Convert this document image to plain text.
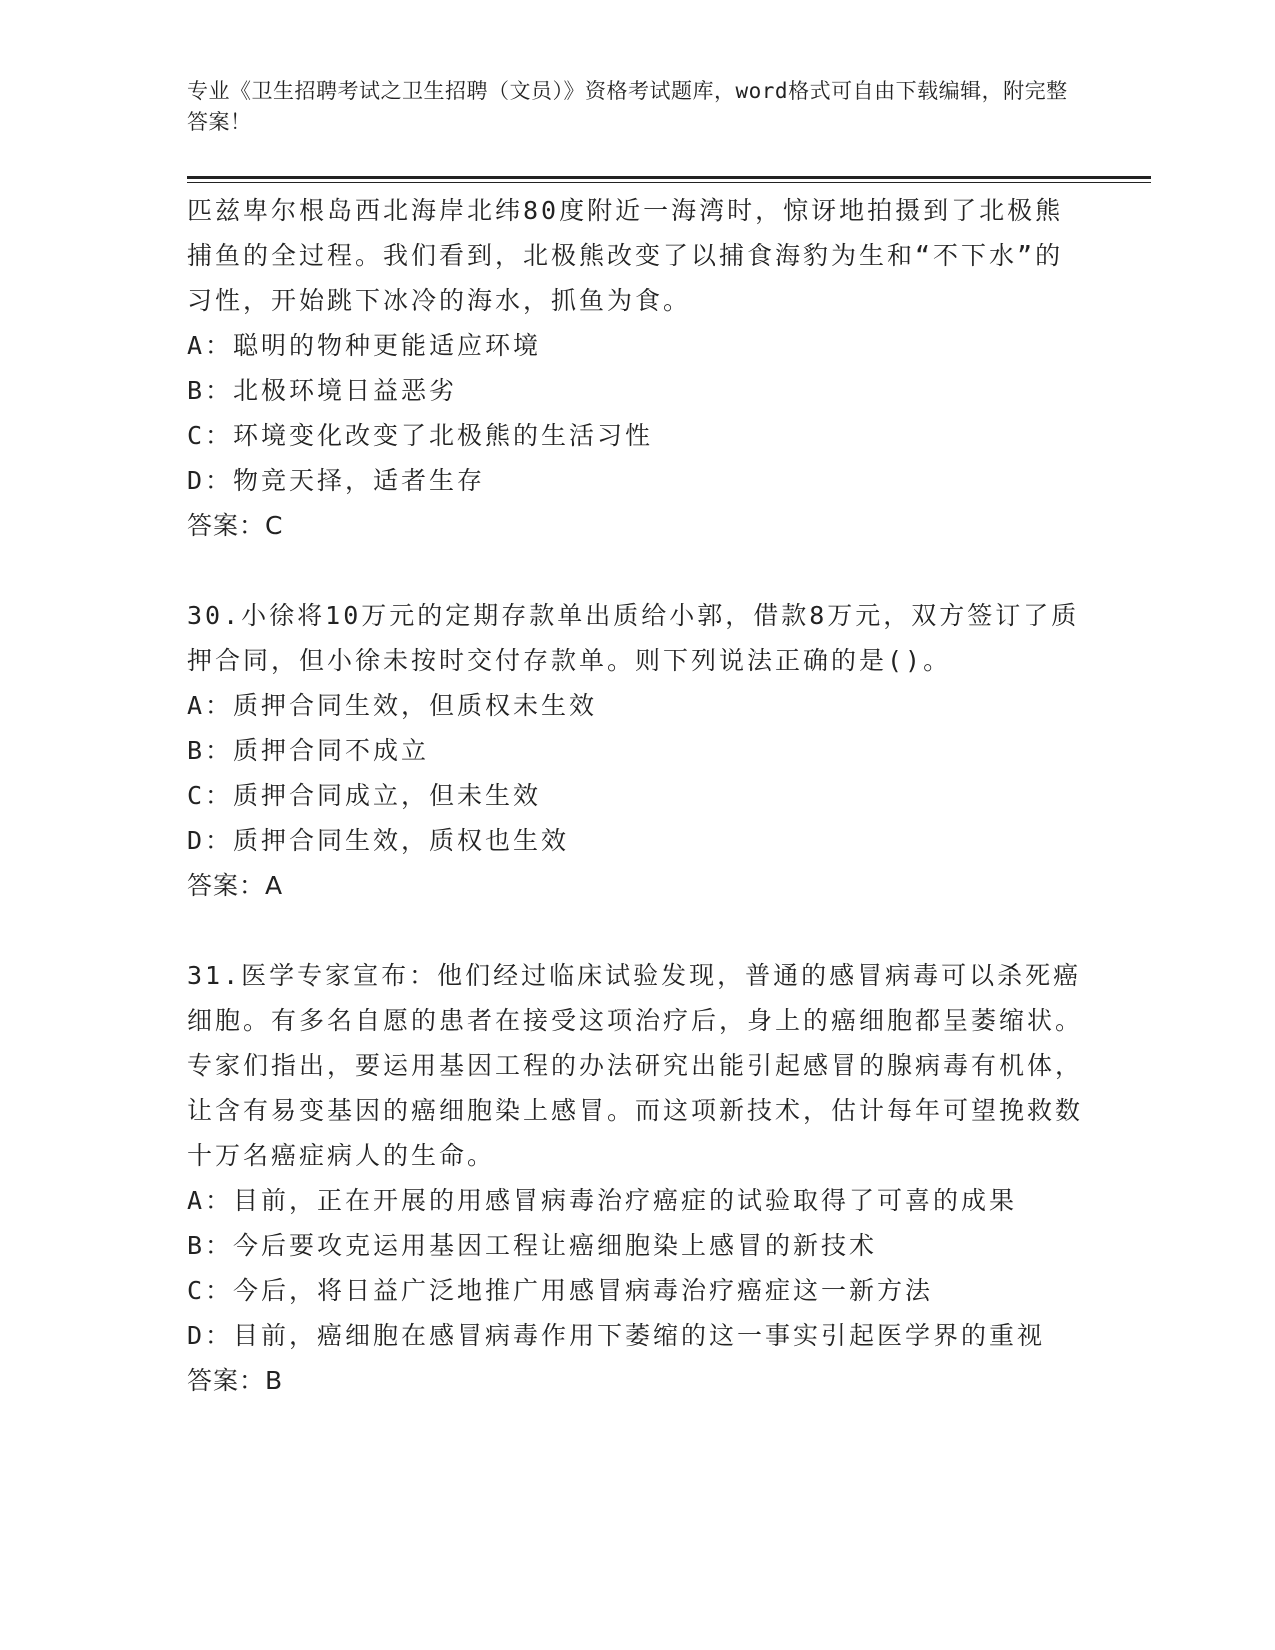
专业《卫生招聘考试之卫生招聘（文员）》资格考试题库，word格式可自由下载编辑，附完整答案！

匹兹卑尔根岛西北海岸北纬80度附近一海湾时，惊讶地拍摄到了北极熊捕鱼的全过程。我们看到，北极熊改变了以捕食海豹为生和“不下水”的习性，开始跳下冰冷的海水，抓鱼为食。

A：聪明的物种更能适应环境

B：北极环境日益恶劣

C：环境变化改变了北极熊的生活习性

D：物竞天择，适者生存

答案：C

30.小徐将10万元的定期存款单出质给小郭，借款8万元，双方签订了质押合同，但小徐未按时交付存款单。则下列说法正确的是()。

A：质押合同生效，但质权未生效

B：质押合同不成立

C：质押合同成立，但未生效

D：质押合同生效，质权也生效

答案：A

31.医学专家宣布：他们经过临床试验发现，普通的感冒病毒可以杀死癌细胞。有多名自愿的患者在接受这项治疗后，身上的癌细胞都呈萎缩状。专家们指出，要运用基因工程的办法研究出能引起感冒的腺病毒有机体，让含有易变基因的癌细胞染上感冒。而这项新技术，估计每年可望挽救数十万名癌症病人的生命。

A：目前，正在开展的用感冒病毒治疗癌症的试验取得了可喜的成果

B：今后要攻克运用基因工程让癌细胞染上感冒的新技术

C：今后，将日益广泛地推广用感冒病毒治疗癌症这一新方法

D：目前，癌细胞在感冒病毒作用下萎缩的这一事实引起医学界的重视

答案：B
